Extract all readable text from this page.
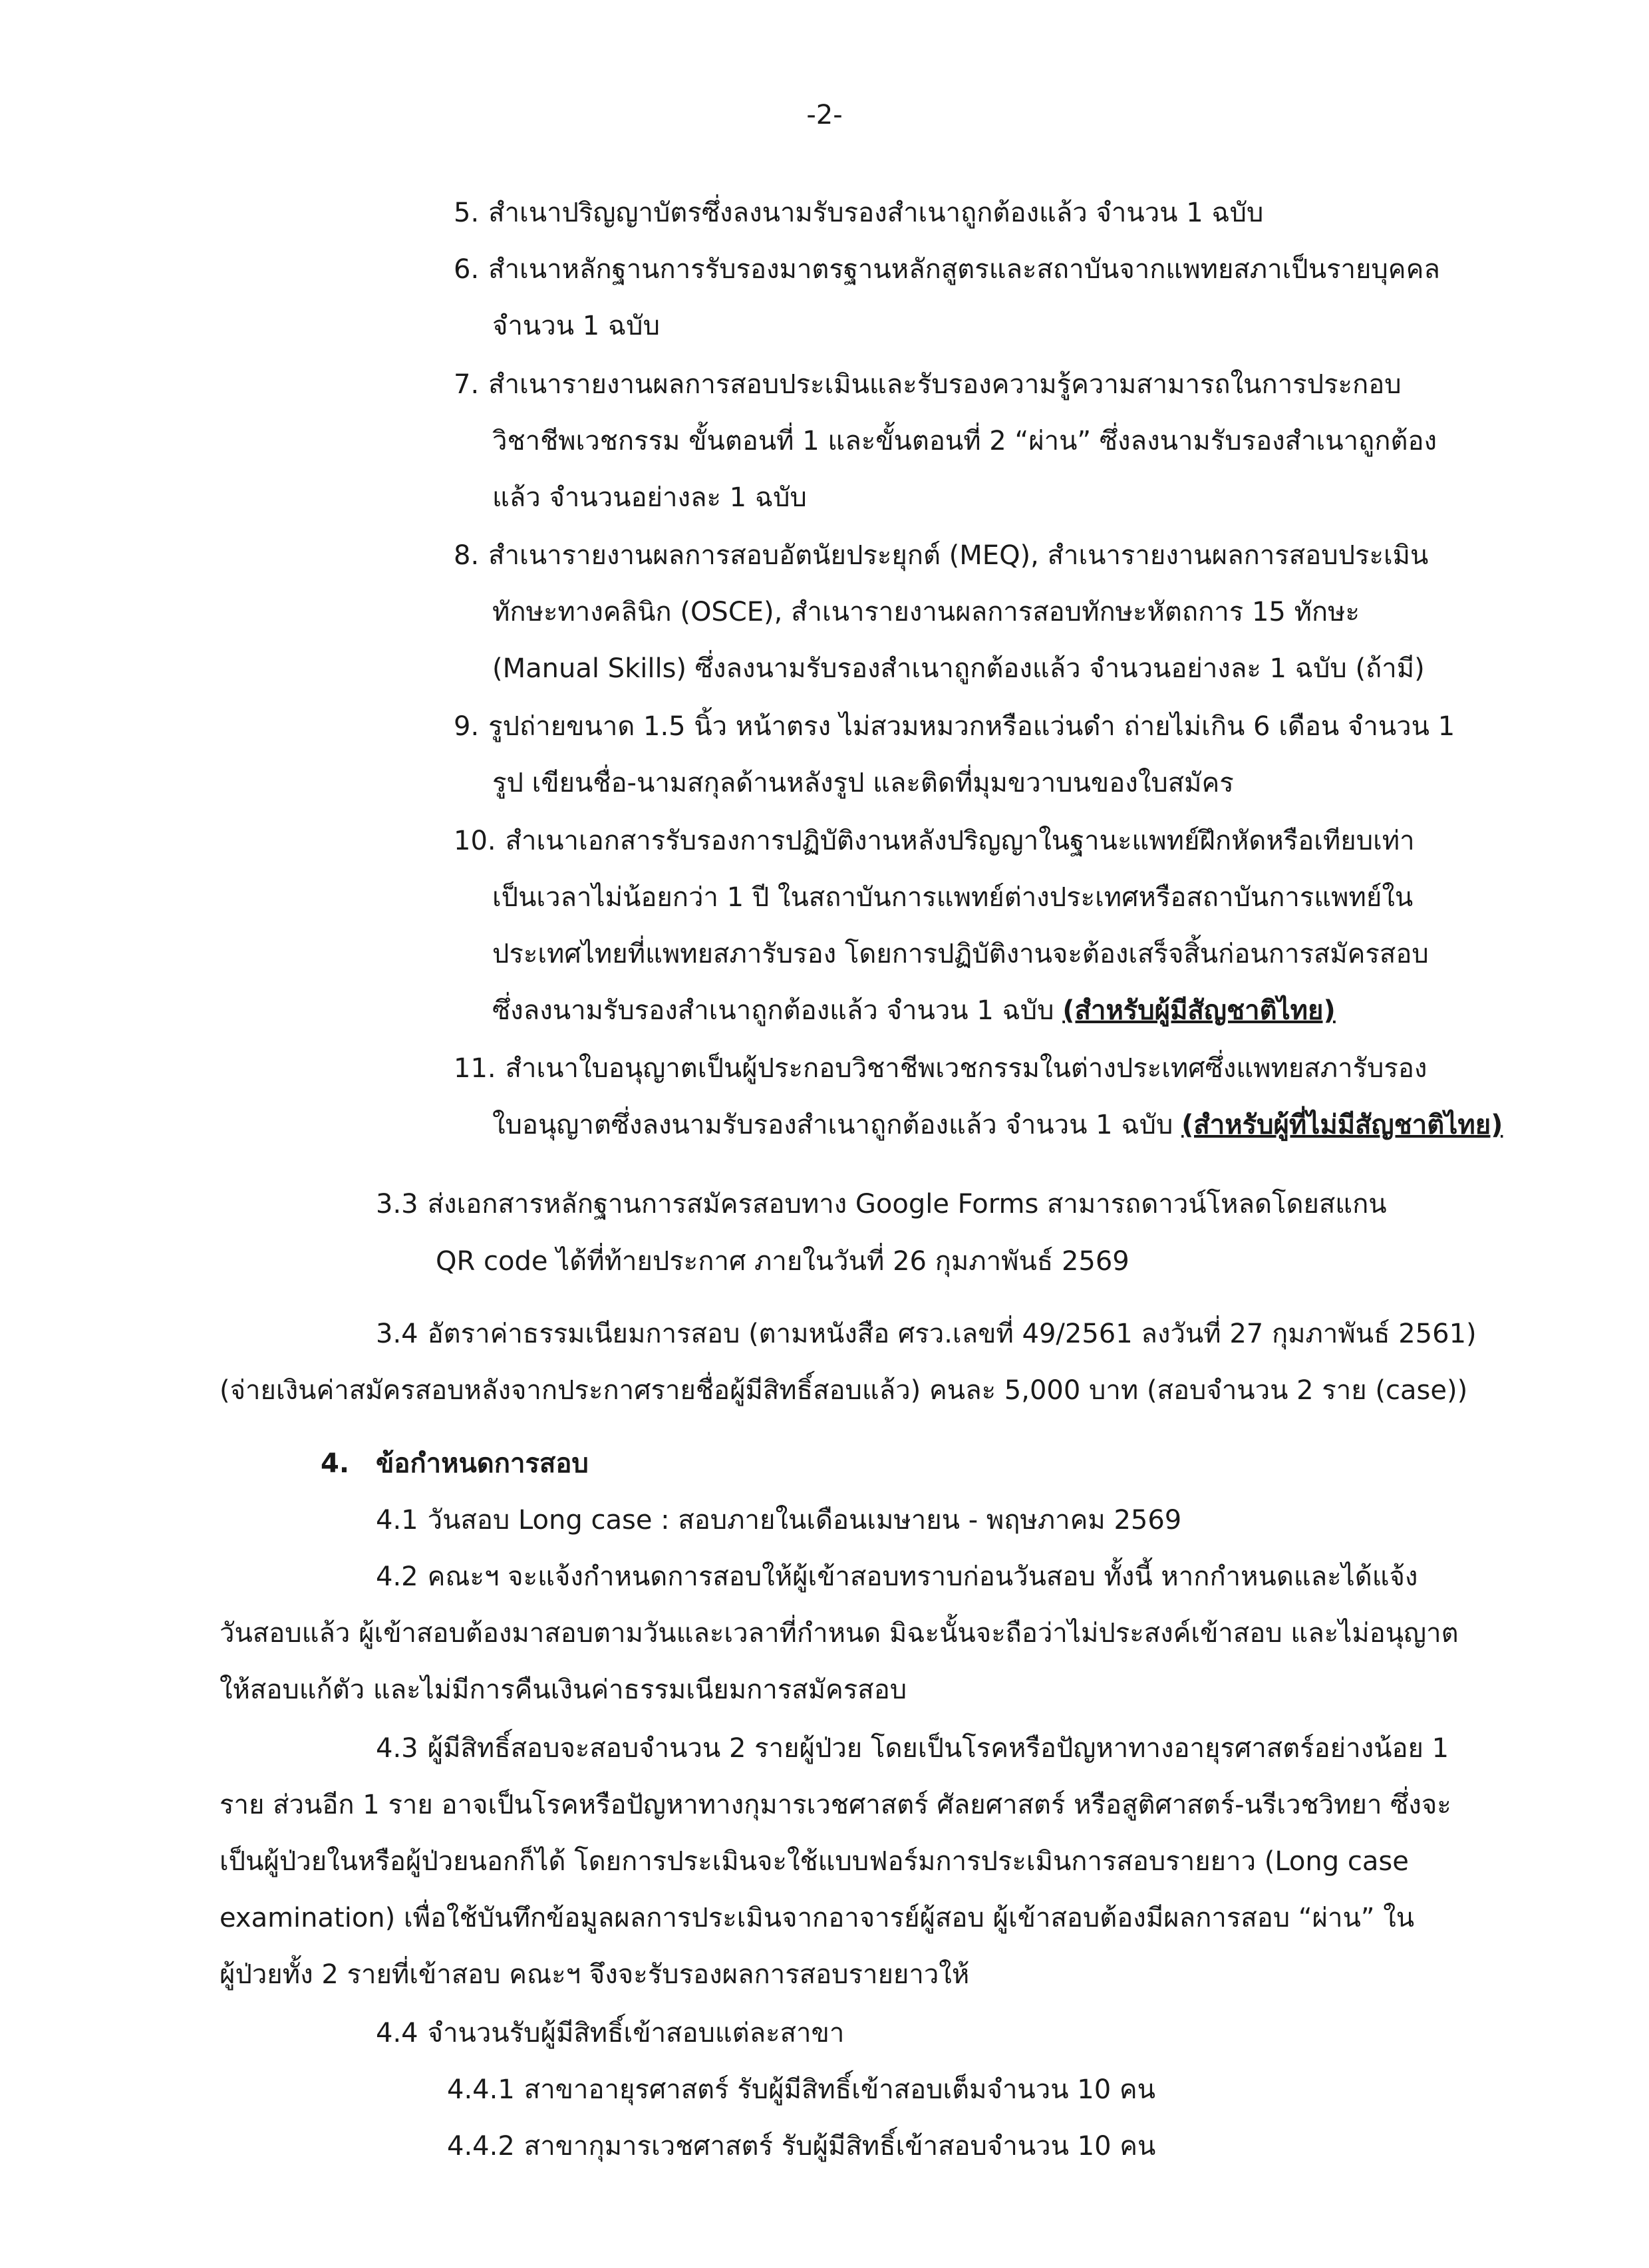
-2-
5. สำเนาปริญญาบัตรซึ่งลงนามรับรองสำเนาถูกต้องแล้ว จำนวน 1 ฉบับ
6. สำเนาหลักฐานการรับรองมาตรฐานหลักสูตรและสถาบันจากแพทยสภาเป็นรายบุคคล
จำนวน 1 ฉบับ
7. สำเนารายงานผลการสอบประเมินและรับรองความรู้ความสามารถในการประกอบ
วิชาชีพเวชกรรม ขั้นตอนที่ 1 และขั้นตอนที่ 2 “ผ่าน” ซึ่งลงนามรับรองสำเนาถูกต้อง
แล้ว จำนวนอย่างละ 1 ฉบับ
8. สำเนารายงานผลการสอบอัตนัยประยุกต์ (MEQ), สำเนารายงานผลการสอบประเมิน
ทักษะทางคลินิก (OSCE), สำเนารายงานผลการสอบทักษะหัตถการ 15 ทักษะ
(Manual Skills) ซึ่งลงนามรับรองสำเนาถูกต้องแล้ว จำนวนอย่างละ 1 ฉบับ (ถ้ามี)
9. รูปถ่ายขนาด 1.5 นิ้ว หน้าตรง ไม่สวมหมวกหรือแว่นดำ ถ่ายไม่เกิน 6 เดือน จำนวน 1
รูป เขียนชื่อ-นามสกุลด้านหลังรูป และติดที่มุมขวาบนของใบสมัคร
10. สำเนาเอกสารรับรองการปฏิบัติงานหลังปริญญาในฐานะแพทย์ฝึกหัดหรือเทียบเท่า
เป็นเวลาไม่น้อยกว่า 1 ปี ในสถาบันการแพทย์ต่างประเทศหรือสถาบันการแพทย์ใน
ประเทศไทยที่แพทยสภารับรอง โดยการปฏิบัติงานจะต้องเสร็จสิ้นก่อนการสมัครสอบ
ซึ่งลงนามรับรองสำเนาถูกต้องแล้ว จำนวน 1 ฉบับ (สำหรับผู้มีสัญชาติไทย)
11. สำเนาใบอนุญาตเป็นผู้ประกอบวิชาชีพเวชกรรมในต่างประเทศซึ่งแพทยสภารับรอง
ใบอนุญาตซึ่งลงนามรับรองสำเนาถูกต้องแล้ว จำนวน 1 ฉบับ (สำหรับผู้ที่ไม่มีสัญชาติไทย)
3.3 ส่งเอกสารหลักฐานการสมัครสอบทาง Google Forms สามารถดาวน์โหลดโดยสแกน
QR code ได้ที่ท้ายประกาศ ภายในวันที่ 26 กุมภาพันธ์ 2569
3.4 อัตราค่าธรรมเนียมการสอบ (ตามหนังสือ ศรว.เลขที่ 49/2561 ลงวันที่ 27 กุมภาพันธ์ 2561)
(จ่ายเงินค่าสมัครสอบหลังจากประกาศรายชื่อผู้มีสิทธิ์สอบแล้ว) คนละ 5,000 บาท (สอบจำนวน 2 ราย (case))
4. ข้อกำหนดการสอบ
4.1 วันสอบ Long case : สอบภายในเดือนเมษายน - พฤษภาคม 2569
4.2 คณะฯ จะแจ้งกำหนดการสอบให้ผู้เข้าสอบทราบก่อนวันสอบ ทั้งนี้ หากกำหนดและได้แจ้ง
วันสอบแล้ว ผู้เข้าสอบต้องมาสอบตามวันและเวลาที่กำหนด มิฉะนั้นจะถือว่าไม่ประสงค์เข้าสอบ และไม่อนุญาต
ให้สอบแก้ตัว และไม่มีการคืนเงินค่าธรรมเนียมการสมัครสอบ
4.3 ผู้มีสิทธิ์สอบจะสอบจำนวน 2 รายผู้ป่วย โดยเป็นโรคหรือปัญหาทางอายุรศาสตร์อย่างน้อย 1
ราย ส่วนอีก 1 ราย อาจเป็นโรคหรือปัญหาทางกุมารเวชศาสตร์ ศัลยศาสตร์ หรือสูติศาสตร์-นรีเวชวิทยา ซึ่งจะ
เป็นผู้ป่วยในหรือผู้ป่วยนอกก็ได้ โดยการประเมินจะใช้แบบฟอร์มการประเมินการสอบรายยาว (Long case
examination) เพื่อใช้บันทึกข้อมูลผลการประเมินจากอาจารย์ผู้สอบ ผู้เข้าสอบต้องมีผลการสอบ “ผ่าน” ใน
ผู้ป่วยทั้ง 2 รายที่เข้าสอบ คณะฯ จึงจะรับรองผลการสอบรายยาวให้
4.4 จำนวนรับผู้มีสิทธิ์เข้าสอบแต่ละสาขา
4.4.1 สาขาอายุรศาสตร์ รับผู้มีสิทธิ์เข้าสอบเต็มจำนวน 10 คน
4.4.2 สาขากุมารเวชศาสตร์ รับผู้มีสิทธิ์เข้าสอบจำนวน 10 คน
